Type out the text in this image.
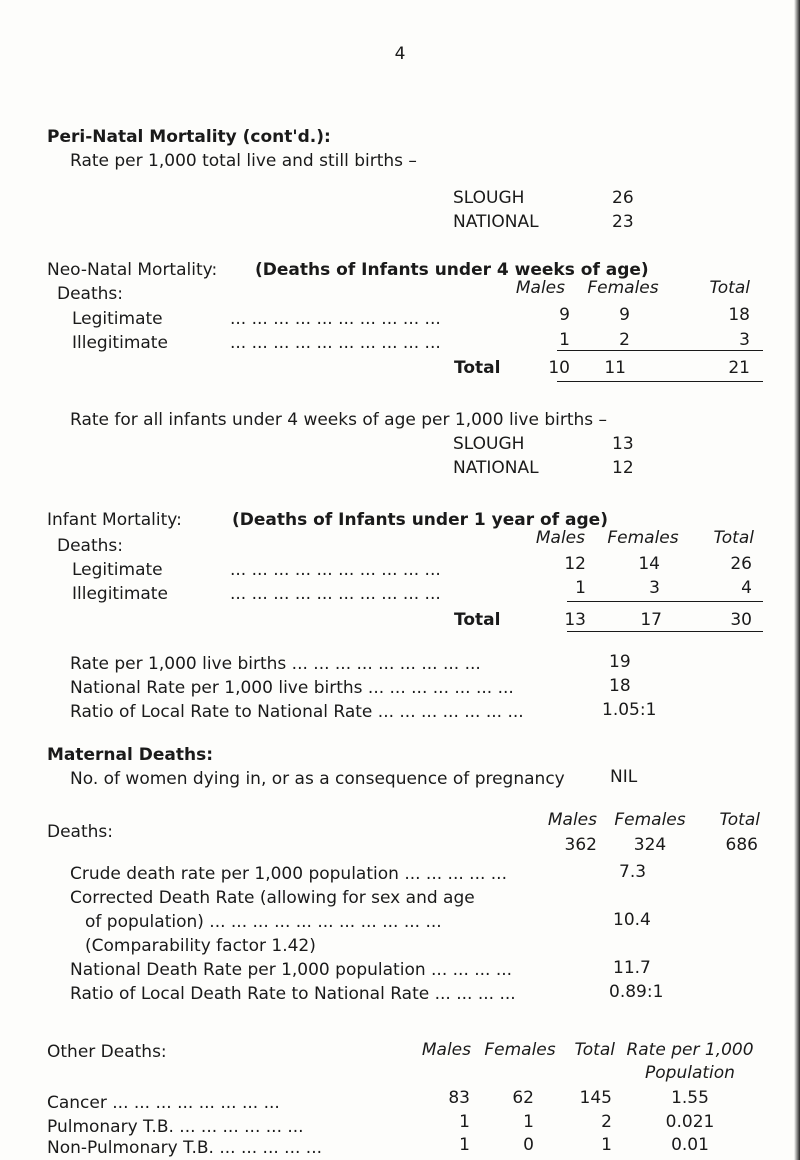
4
Peri-Natal Mortality (cont'd.):
Rate per 1,000 total live and still births –
SLOUGH	26
NATIONAL	23
Neo-Natal Mortality: (Deaths of Infants under 4 weeks of age)
Deaths:	Males	Females	Total
Legitimate	... ... ... ... ... ... ... ... ... ...	9	9	18
Illegitimate	... ... ... ... ... ... ... ... ... ...	1	2	3
Total	10	11	21
Rate for all infants under 4 weeks of age per 1,000 live births –
SLOUGH	13
NATIONAL	12
Infant Mortality:	(Deaths of Infants under 1 year of age)
Deaths:	Males	Females	Total
Legitimate	... ... ... ... ... ... ... ... ... ...	12	14	26
Illegitimate	... ... ... ... ... ... ... ... ... ...	1	3	4
Total	13	17	30
Rate per 1,000 live births ... ... ... ... ... ... ... ... ...	19
National Rate per 1,000 live births ... ... ... ... ... ... ...	18
Ratio of Local Rate to National Rate ... ... ... ... ... ... ...	1.05:1
Maternal Deaths:
No. of women dying in, or as a consequence of pregnancy	NIL
Deaths:
Males	Females	Total
362	324	686
Crude death rate per 1,000 population ... ... ... ... ...	7.3
Corrected Death Rate (allowing for sex and age
of population) ... ... ... ... ... ... ... ... ... ... ...	10.4
(Comparability factor 1.42)
National Death Rate per 1,000 population ... ... ... ...	11.7
Ratio of Local Death Rate to National Rate ... ... ... ...	0.89:1
Other Deaths:	Males Females	Total Rate per 1,000
Population
Cancer ... ... ... ... ... ... ... ...	83	62	145	1.55
Pulmonary T.B. ... ... ... ... ... ...	1	1	2	0.021
Non-Pulmonary T.B. ... ... ... ... ...	1	0	1	0.01
